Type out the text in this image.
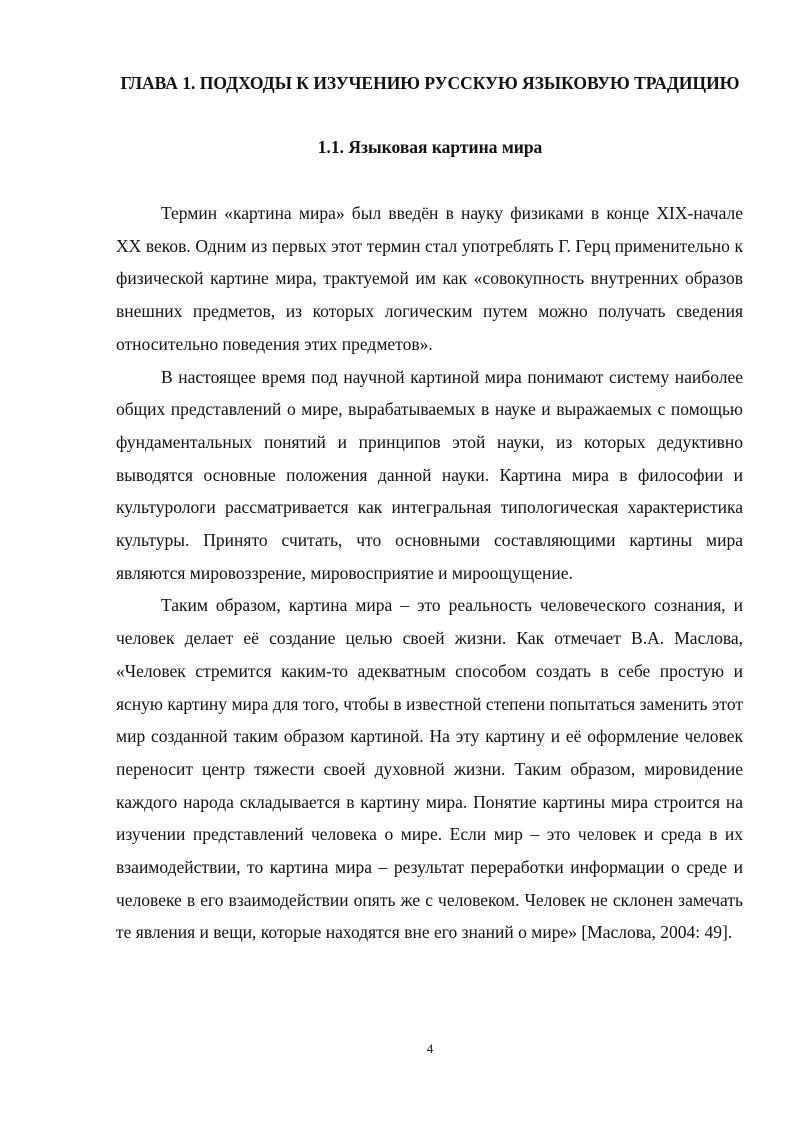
ГЛАВА 1. ПОДХОДЫ К ИЗУЧЕНИЮ РУССКУЮ ЯЗЫКОВУЮ ТРАДИЦИЮ
1.1. Языковая картина мира

Термин «картина мира» был введён в науку физиками в конце XIX-начале XX веков. Одним из первых этот термин стал употреблять Г. Герц применительно к физической картине мира, трактуемой им как «совокупность внутренних образов внешних предметов, из которых логическим путем можно получать сведения относительно поведения этих предметов».

В настоящее время под научной картиной мира понимают систему наиболее общих представлений о мире, вырабатываемых в науке и выражаемых с помощью фундаментальных понятий и принципов этой науки, из которых дедуктивно выводятся основные положения данной науки. Картина мира в философии и культурологи рассматривается как интегральная типологическая характеристика культуры. Принято считать, что основными составляющими картины мира являются мировоззрение, мировосприятие и мироощущение.

Таким образом, картина мира – это реальность человеческого сознания, и человек делает её создание целью своей жизни. Как отмечает В.А. Маслова, «Человек стремится каким-то адекватным способом создать в себе простую и ясную картину мира для того, чтобы в известной степени попытаться заменить этот мир созданной таким образом картиной. На эту картину и её оформление человек переносит центр тяжести своей духовной жизни. Таким образом, мировидение каждого народа складывается в картину мира. Понятие картины мира строится на изучении представлений человека о мире. Если мир – это человек и среда в их взаимодействии, то картина мира – результат переработки информации о среде и человеке в его взаимодействии опять же с человеком. Человек не склонен замечать те явления и вещи, которые находятся вне его знаний о мире» [Маслова, 2004: 49].

4
